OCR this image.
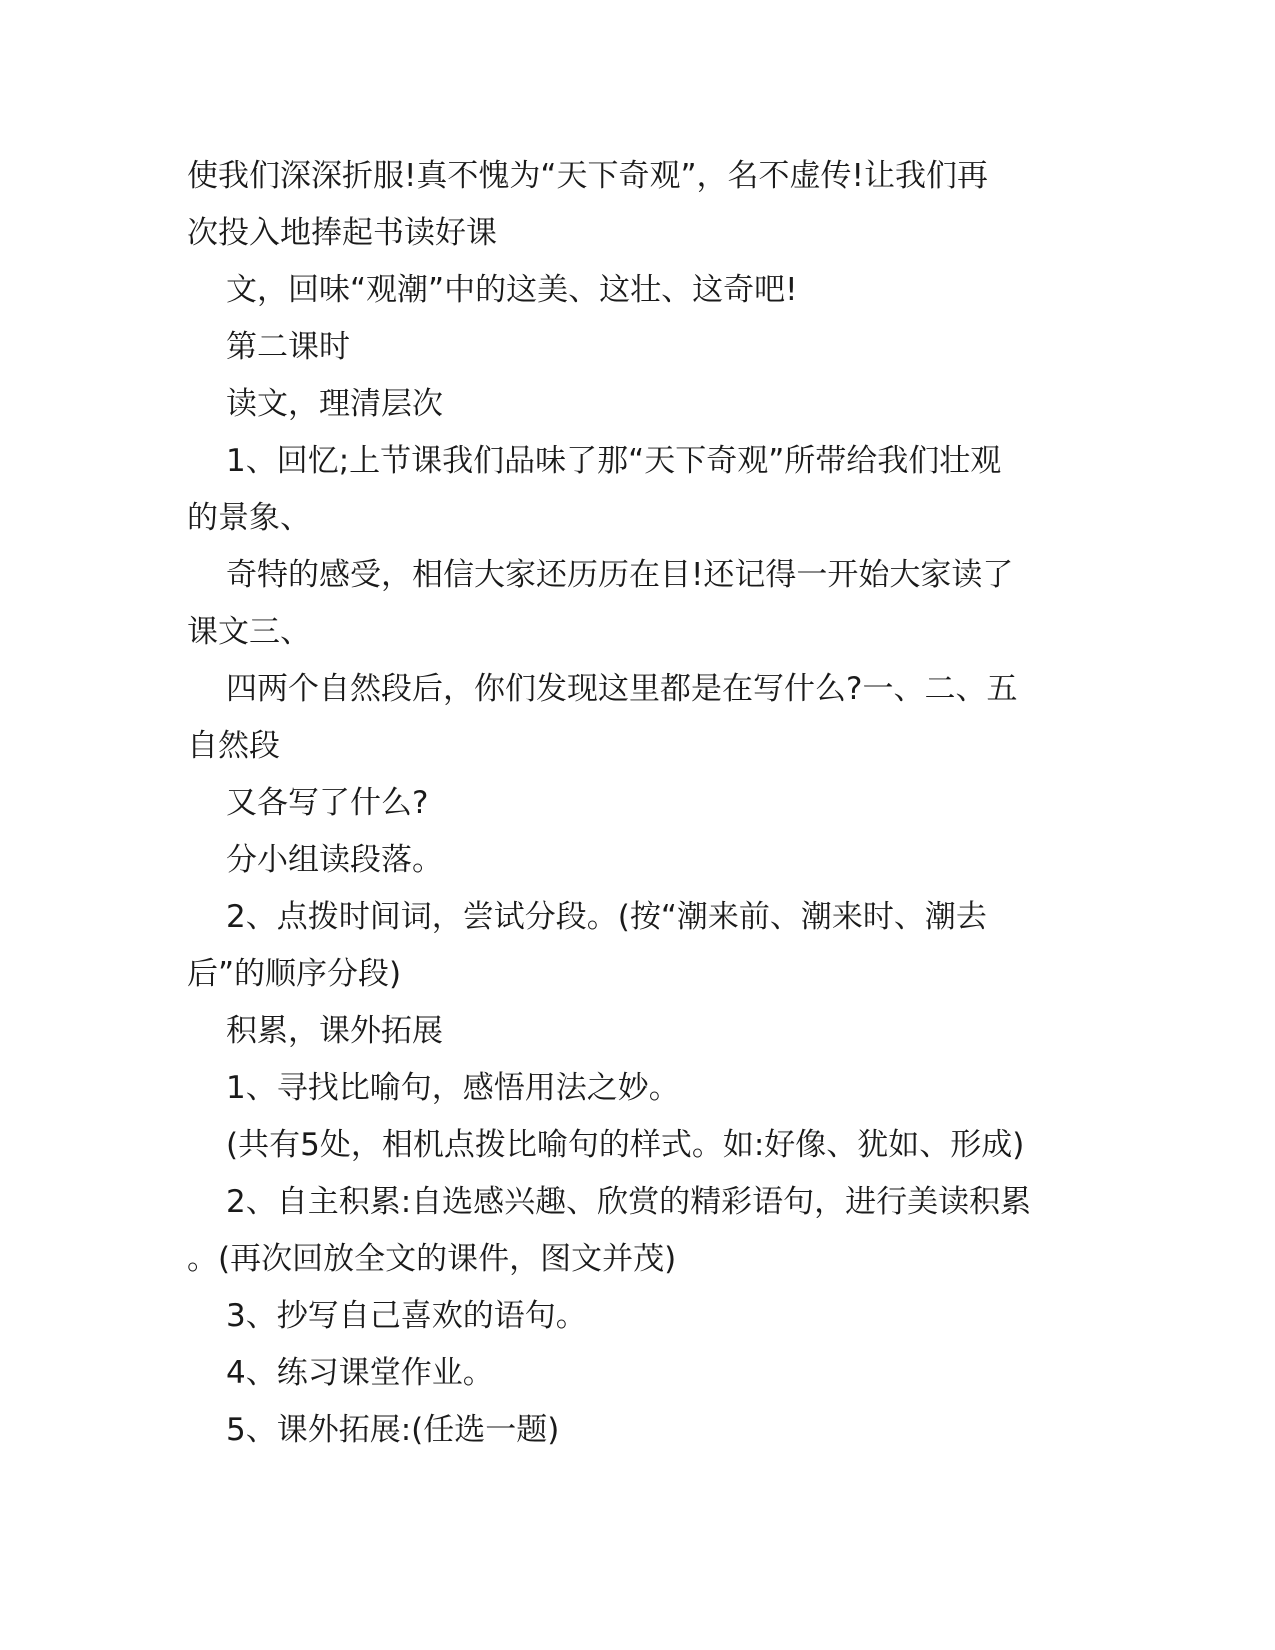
使我们深深折服!真不愧为“天下奇观”，名不虚传!让我们再
次投入地捧起书读好课
文，回味“观潮”中的这美、这壮、这奇吧!
第二课时
读文，理清层次
1、回忆;上节课我们品味了那“天下奇观”所带给我们壮观
的景象、
奇特的感受，相信大家还历历在目!还记得一开始大家读了
课文三、
四两个自然段后，你们发现这里都是在写什么?一、二、五
自然段
又各写了什么?
分小组读段落。
2、点拨时间词，尝试分段。(按“潮来前、潮来时、潮去
后”的顺序分段)
积累，课外拓展
1、寻找比喻句，感悟用法之妙。
(共有5处，相机点拨比喻句的样式。如:好像、犹如、形成)
2、自主积累:自选感兴趣、欣赏的精彩语句，进行美读积累
。(再次回放全文的课件，图文并茂)
3、抄写自己喜欢的语句。
4、练习课堂作业。
5、课外拓展:(任选一题)
